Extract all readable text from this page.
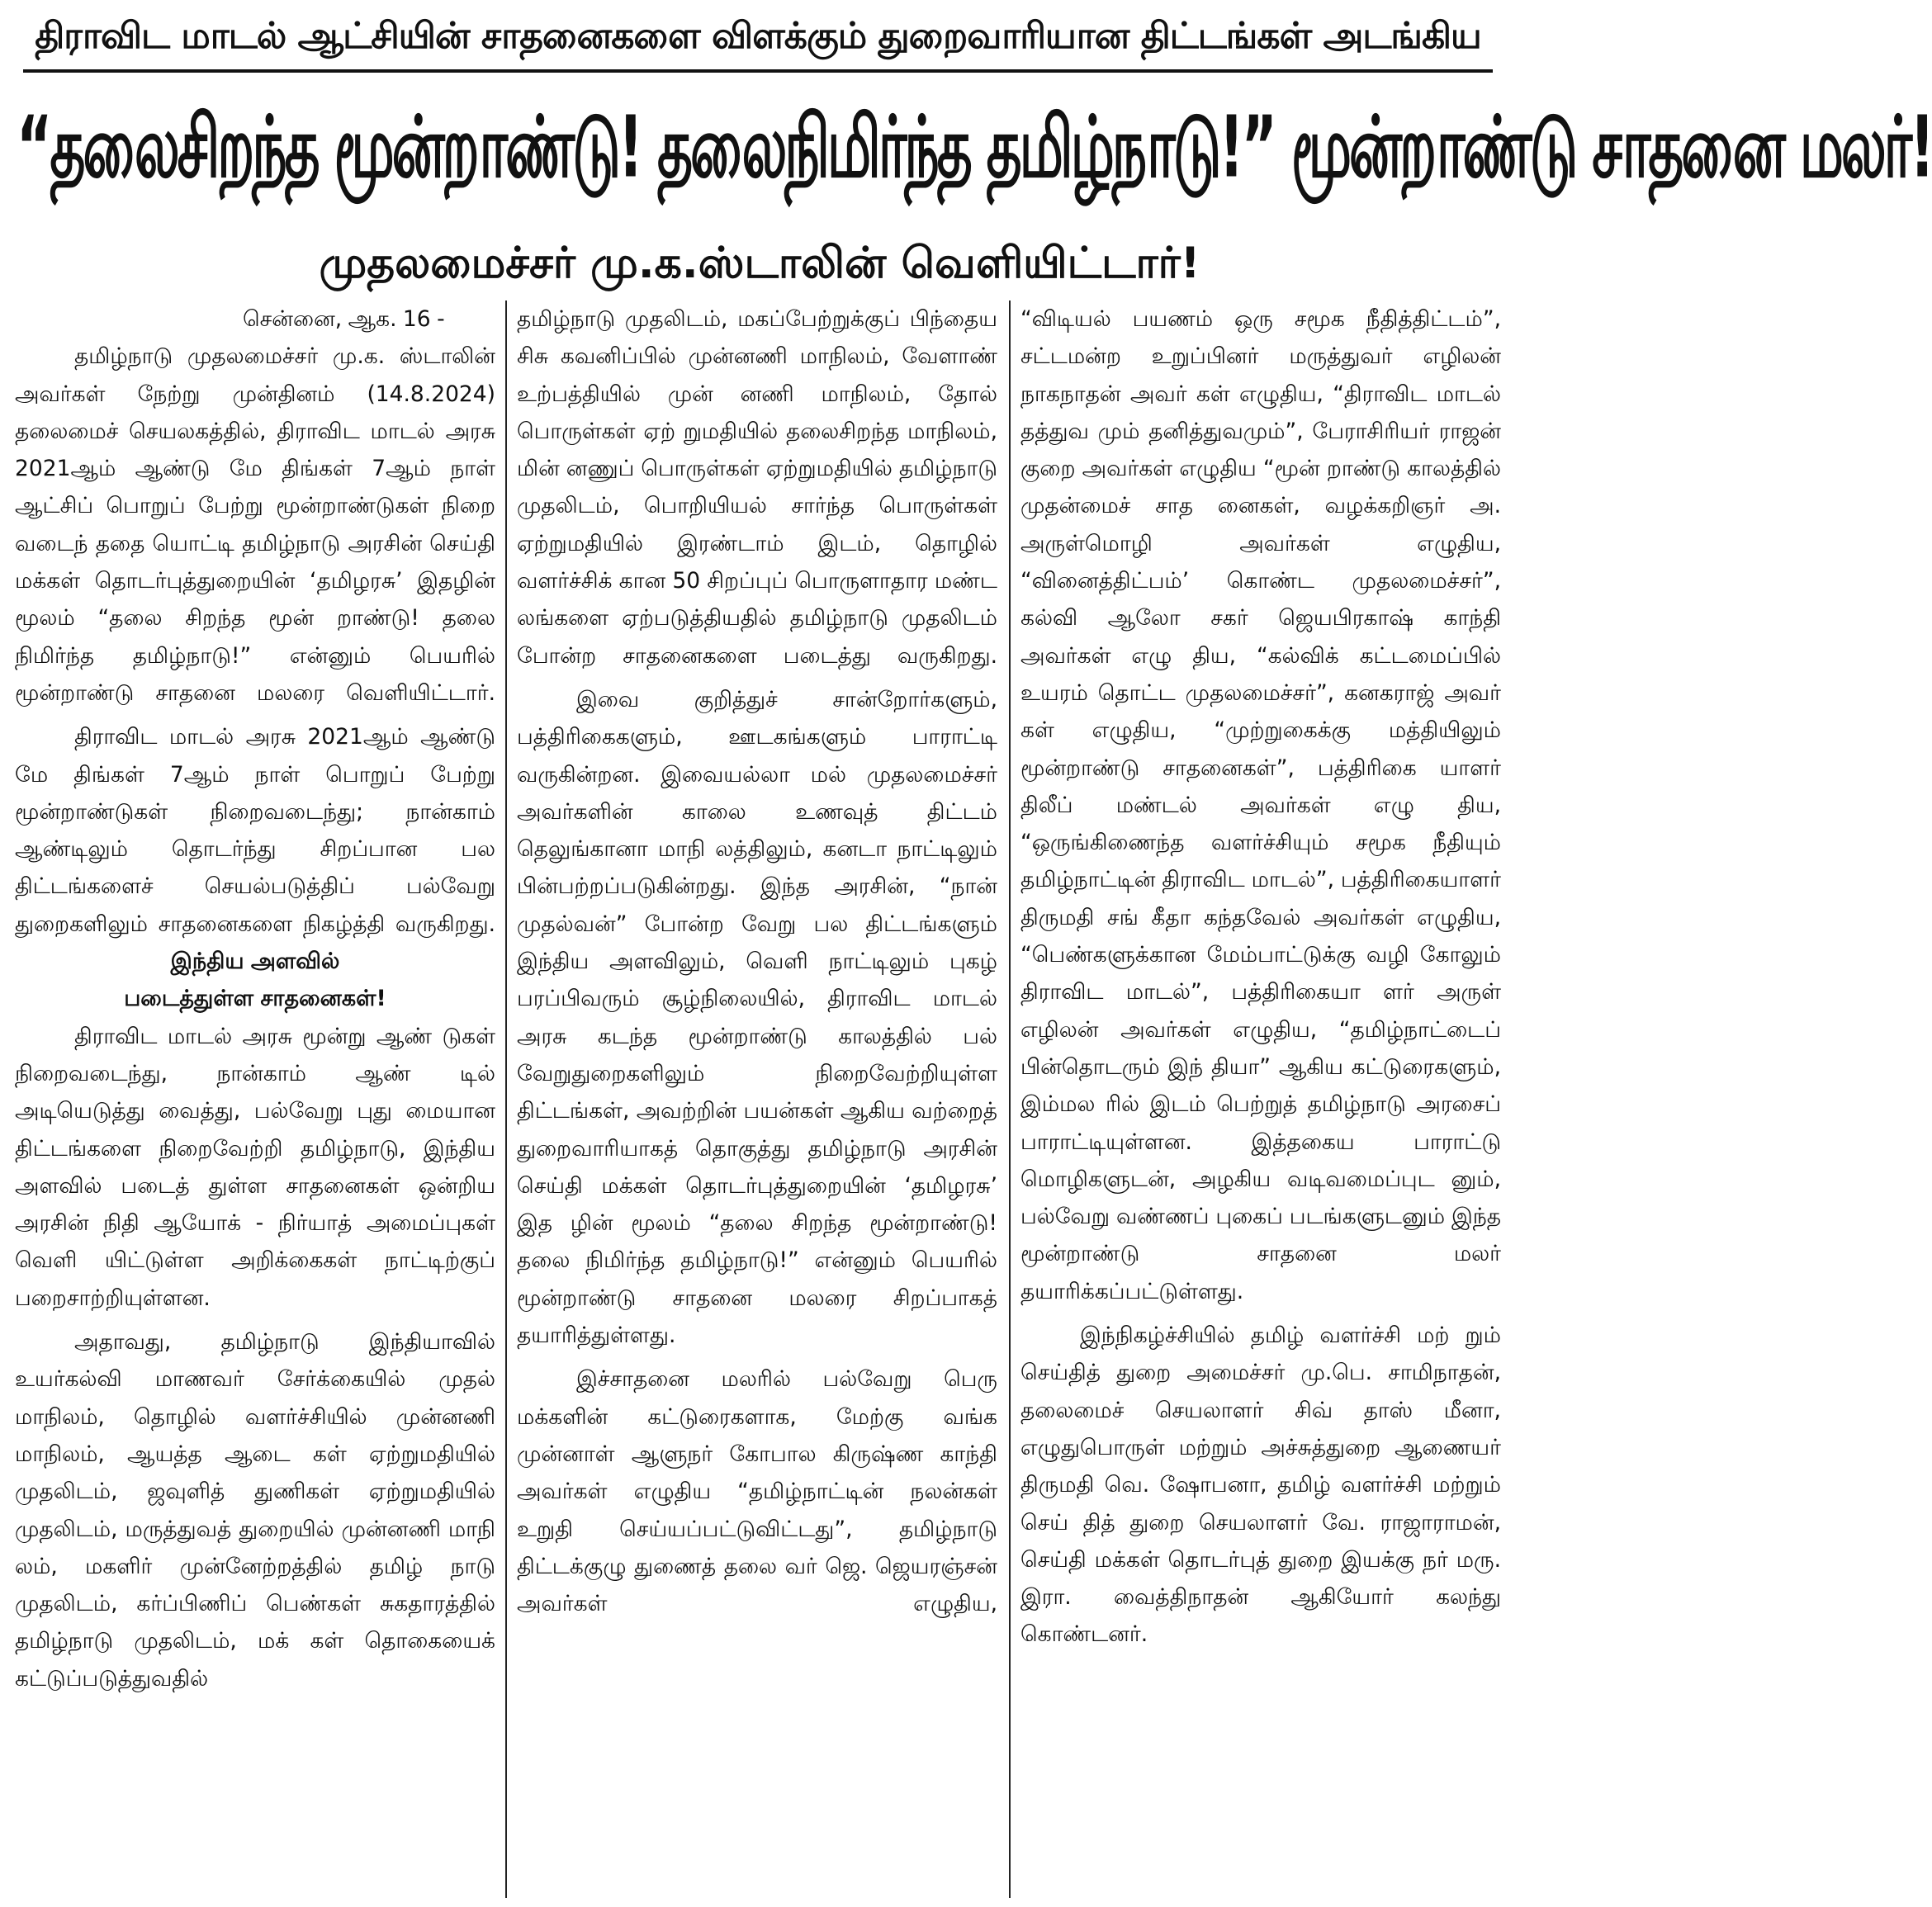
திராவிட மாடல் ஆட்சியின் சாதனைகளை விளக்கும் துறைவாரியான திட்டங்கள் அடங்கிய
“தலைசிறந்த மூன்றாண்டு! தலைநிமிர்ந்த தமிழ்நாடு!” மூன்றாண்டு சாதனை மலர்!
முதலமைச்சர் மு.க.ஸ்டாலின் வெளியிட்டார்!
சென்னை, ஆக. 16 -

தமிழ்நாடு முதலமைச்சர் மு.க. ஸ்டாலின் அவர்கள் நேற்று முன்தினம் (14.8.2024) தலைமைச் செயலகத்தில், திராவிட மாடல் அரசு 2021ஆம் ஆண்டு மே திங்கள் 7ஆம் நாள் ஆட்சிப் பொறுப் பேற்று மூன்றாண்டுகள் நிறை வடைந் ததை யொட்டி தமிழ்நாடு அரசின் செய்தி மக்கள் தொடர்புத்துறையின் ‘தமிழரசு’ இதழின் மூலம் “தலை சிறந்த மூன் றாண்டு! தலை நிமிர்ந்த தமிழ்நாடு!” என்னும் பெயரில் மூன்றாண்டு சாதனை மலரை வெளியிட்டார்.

திராவிட மாடல் அரசு 2021ஆம் ஆண்டு மே திங்கள் 7ஆம் நாள் பொறுப் பேற்று மூன்றாண்டுகள் நிறைவடைந்து; நான்காம் ஆண்டிலும் தொடர்ந்து சிறப்பான பல திட்டங்களைச் செயல்படுத்திப் பல்வேறு துறைகளிலும் சாதனைகளை நிகழ்த்தி வருகிறது.

இந்திய அளவில்

படைத்துள்ள சாதனைகள்!

திராவிட மாடல் அரசு மூன்று ஆண் டுகள் நிறைவடைந்து, நான்காம் ஆண் டில் அடியெடுத்து வைத்து, பல்வேறு புது மையான திட்டங்களை நிறைவேற்றி தமிழ்நாடு, இந்திய அளவில் படைத் துள்ள சாதனைகள் ஒன்றிய அரசின் நிதி ஆயோக் - நிர்யாத் அமைப்புகள் வெளி யிட்டுள்ள அறிக்கைகள் நாட்டிற்குப் பறைசாற்றியுள்ளன.

அதாவது, தமிழ்நாடு இந்தியாவில் உயர்கல்வி மாணவர் சேர்க்கையில் முதல் மாநிலம், தொழில் வளர்ச்சியில் முன்னணி மாநிலம், ஆயத்த ஆடை கள் ஏற்றுமதியில் முதலிடம், ஜவுளித் துணிகள் ஏற்றுமதியில் முதலிடம், மருத்துவத் துறையில் முன்னணி மாநி லம், மகளிர் முன்னேற்றத்தில் தமிழ் நாடு முதலிடம், கர்ப்பிணிப் பெண்கள் சுகதாரத்தில் தமிழ்நாடு முதலிடம், மக் கள் தொகையைக் கட்டுப்படுத்துவதில்

தமிழ்நாடு முதலிடம், மகப்பேற்றுக்குப் பிந்தைய சிசு கவனிப்பில் முன்னணி மாநிலம், வேளாண் உற்பத்தியில் முன் னணி மாநிலம், தோல் பொருள்கள் ஏற் றுமதியில் தலைசிறந்த மாநிலம், மின் னணுப் பொருள்கள் ஏற்றுமதியில் தமிழ்நாடு முதலிடம், பொறியியல் சார்ந்த பொருள்கள் ஏற்றுமதியில் இரண்டாம் இடம், தொழில் வளர்ச்சிக் கான 50 சிறப்புப் பொருளாதார மண்ட லங்களை ஏற்படுத்தியதில் தமிழ்நாடு முதலிடம் போன்ற சாதனைகளை படைத்து வருகிறது.

இவை குறித்துச் சான்றோர்களும், பத்திரிகைகளும், ஊடகங்களும் பாராட்டி வருகின்றன. இவையல்லா மல் முதலமைச்சர் அவர்களின் காலை உணவுத் திட்டம் தெலுங்கானா மாநி லத்திலும், கனடா நாட்டிலும் பின்பற்றப்படுகின்றது. இந்த அரசின், “நான் முதல்வன்” போன்ற வேறு பல திட்டங்களும் இந்திய அளவிலும், வெளி நாட்டிலும் புகழ் பரப்பிவரும் சூழ்நிலையில், திராவிட மாடல் அரசு கடந்த மூன்றாண்டு காலத்தில் பல் வேறுதுறைகளிலும் நிறைவேற்றியுள்ள திட்டங்கள், அவற்றின் பயன்கள் ஆகிய வற்றைத் துறைவாரியாகத் தொகுத்து தமிழ்நாடு அரசின் செய்தி மக்கள் தொடர்புத்துறையின் ‘தமிழரசு’ இத ழின் மூலம் “தலை சிறந்த மூன்றாண்டு! தலை நிமிர்ந்த தமிழ்நாடு!” என்னும் பெயரில் மூன்றாண்டு சாதனை மலரை சிறப்பாகத் தயாரித்துள்ளது.

இச்சாதனை மலரில் பல்வேறு பெரு மக்களின் கட்டுரைகளாக, மேற்கு வங்க முன்னாள் ஆளுநர் கோபால கிருஷ்ண காந்தி அவர்கள் எழுதிய “தமிழ்நாட்டின் நலன்கள் உறுதி செய்யப்பட்டுவிட்டது”, தமிழ்நாடு திட்டக்குழு துணைத் தலை வர் ஜெ. ஜெயரஞ்சன் அவர்கள் எழுதிய,

“விடியல் பயணம் ஒரு சமூக நீதித்திட்டம்”, சட்டமன்ற உறுப்பினர் மருத்துவர் எழிலன் நாகநாதன் அவர் கள் எழுதிய, “திராவிட மாடல் தத்துவ மும் தனித்துவமும்”, பேராசிரியர் ராஜன் குறை அவர்கள் எழுதிய “மூன் றாண்டு காலத்தில் முதன்மைச் சாத னைகள், வழக்கறிஞர் அ. அருள்மொழி அவர்கள் எழுதிய, “வினைத்திட்பம்’ கொண்ட முதலமைச்சர்”, கல்வி ஆலோ சகர் ஜெயபிரகாஷ் காந்தி அவர்கள் எழு திய, “கல்விக் கட்டமைப்பில் உயரம் தொட்ட முதலமைச்சர்”, கனகராஜ் அவர் கள் எழுதிய, “முற்றுகைக்கு மத்தியிலும் மூன்றாண்டு சாதனைகள்”, பத்திரிகை யாளர் திலீப் மண்டல் அவர்கள் எழு திய, “ஒருங்கிணைந்த வளர்ச்சியும் சமூக நீதியும் தமிழ்நாட்டின் திராவிட மாடல்”, பத்திரிகையாளர் திருமதி சங் கீதா கந்தவேல் அவர்கள் எழுதிய, “பெண்களுக்கான மேம்பாட்டுக்கு வழி கோலும் திராவிட மாடல்”, பத்திரிகையா ளர் அருள் எழிலன் அவர்கள் எழுதிய, “தமிழ்நாட்டைப் பின்தொடரும் இந் தியா” ஆகிய கட்டுரைகளும், இம்மல ரில் இடம் பெற்றுத் தமிழ்நாடு அரசைப் பாராட்டியுள்ளன. இத்தகைய பாராட்டு மொழிகளுடன், அழகிய வடிவமைப்புட னும், பல்வேறு வண்ணப் புகைப் படங்களுடனும் இந்த மூன்றாண்டு சாதனை மலர் தயாரிக்கப்பட்டுள்ளது.

இந்நிகழ்ச்சியில் தமிழ் வளர்ச்சி மற் றும் செய்தித் துறை அமைச்சர் மு.பெ. சாமிநாதன், தலைமைச் செயலாளர் சிவ் தாஸ் மீனா, எழுதுபொருள் மற்றும் அச்சுத்துறை ஆணையர் திருமதி வெ. ஷோபனா, தமிழ் வளர்ச்சி மற்றும் செய் தித் துறை செயலாளர் வே. ராஜாராமன், செய்தி மக்கள் தொடர்புத் துறை இயக்கு நர் மரு. இரா. வைத்திநாதன் ஆகியோர் கலந்து கொண்டனர்.
